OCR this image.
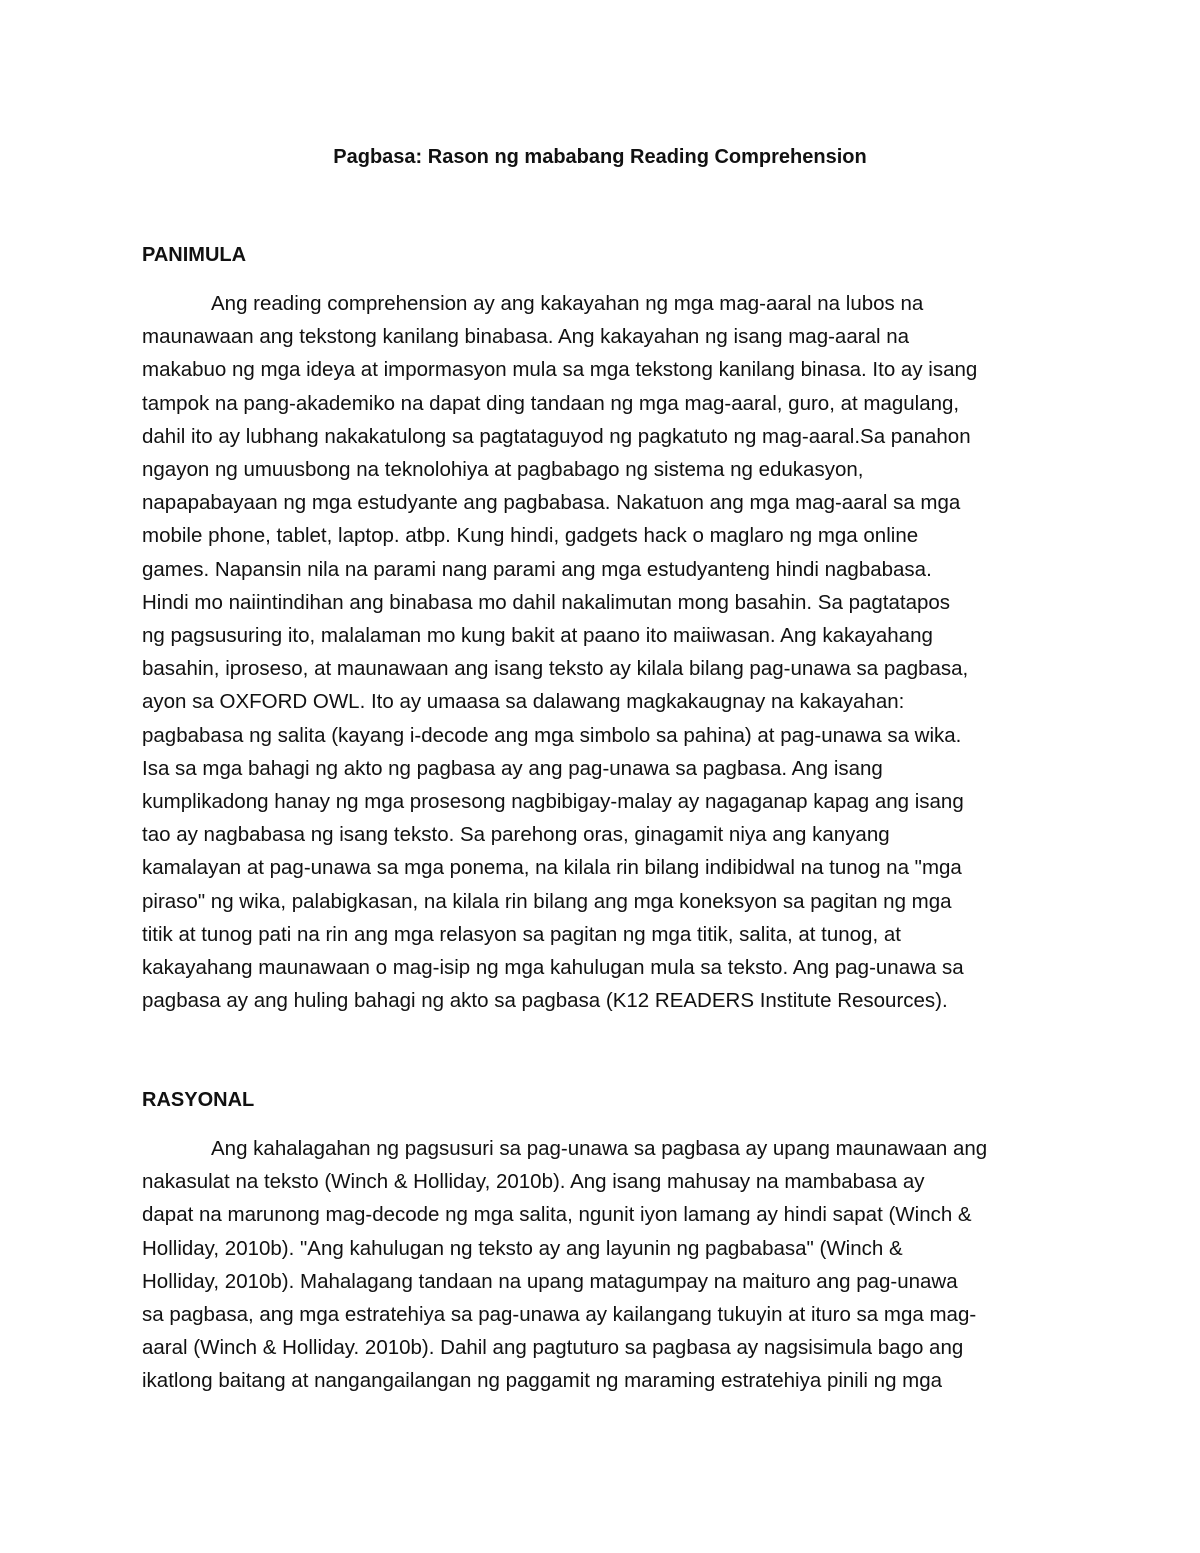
Pagbasa: Rason ng mababang Reading Comprehension
PANIMULA
Ang reading comprehension ay ang kakayahan ng mga mag-aaral na lubos na
maunawaan ang tekstong kanilang binabasa. Ang kakayahan ng isang mag-aaral na
makabuo ng mga ideya at impormasyon mula sa mga tekstong kanilang binasa. Ito ay isang
tampok na pang-akademiko na dapat ding tandaan ng mga mag-aaral, guro, at magulang,
dahil ito ay lubhang nakakatulong sa pagtataguyod ng pagkatuto ng mag-aaral.Sa panahon
ngayon ng umuusbong na teknolohiya at pagbabago ng sistema ng edukasyon,
napapabayaan ng mga estudyante ang pagbabasa. Nakatuon ang mga mag-aaral sa mga
mobile phone, tablet, laptop. atbp. Kung hindi, gadgets hack o maglaro ng mga online
games. Napansin nila na parami nang parami ang mga estudyanteng hindi nagbabasa.
Hindi mo naiintindihan ang binabasa mo dahil nakalimutan mong basahin. Sa pagtatapos
ng pagsusuring ito, malalaman mo kung bakit at paano ito maiiwasan. Ang kakayahang
basahin, iproseso, at maunawaan ang isang teksto ay kilala bilang pag-unawa sa pagbasa,
ayon sa OXFORD OWL. Ito ay umaasa sa dalawang magkakaugnay na kakayahan:
pagbabasa ng salita (kayang i-decode ang mga simbolo sa pahina) at pag-unawa sa wika.
Isa sa mga bahagi ng akto ng pagbasa ay ang pag-unawa sa pagbasa. Ang isang
kumplikadong hanay ng mga prosesong nagbibigay-malay ay nagaganap kapag ang isang
tao ay nagbabasa ng isang teksto. Sa parehong oras, ginagamit niya ang kanyang
kamalayan at pag-unawa sa mga ponema, na kilala rin bilang indibidwal na tunog na "mga
piraso" ng wika, palabigkasan, na kilala rin bilang ang mga koneksyon sa pagitan ng mga
titik at tunog pati na rin ang mga relasyon sa pagitan ng mga titik, salita, at tunog, at
kakayahang maunawaan o mag-isip ng mga kahulugan mula sa teksto. Ang pag-unawa sa
pagbasa ay ang huling bahagi ng akto sa pagbasa (K12 READERS Institute Resources).
RASYONAL
Ang kahalagahan ng pagsusuri sa pag-unawa sa pagbasa ay upang maunawaan ang
nakasulat na teksto (Winch & Holliday, 2010b). Ang isang mahusay na mambabasa ay
dapat na marunong mag-decode ng mga salita, ngunit iyon lamang ay hindi sapat (Winch &
Holliday, 2010b). "Ang kahulugan ng teksto ay ang layunin ng pagbabasa" (Winch &
Holliday, 2010b). Mahalagang tandaan na upang matagumpay na maituro ang pag-unawa
sa pagbasa, ang mga estratehiya sa pag-unawa ay kailangang tukuyin at ituro sa mga mag-
aaral (Winch & Holliday. 2010b). Dahil ang pagtuturo sa pagbasa ay nagsisimula bago ang
ikatlong baitang at nangangailangan ng paggamit ng maraming estratehiya pinili ng mga
